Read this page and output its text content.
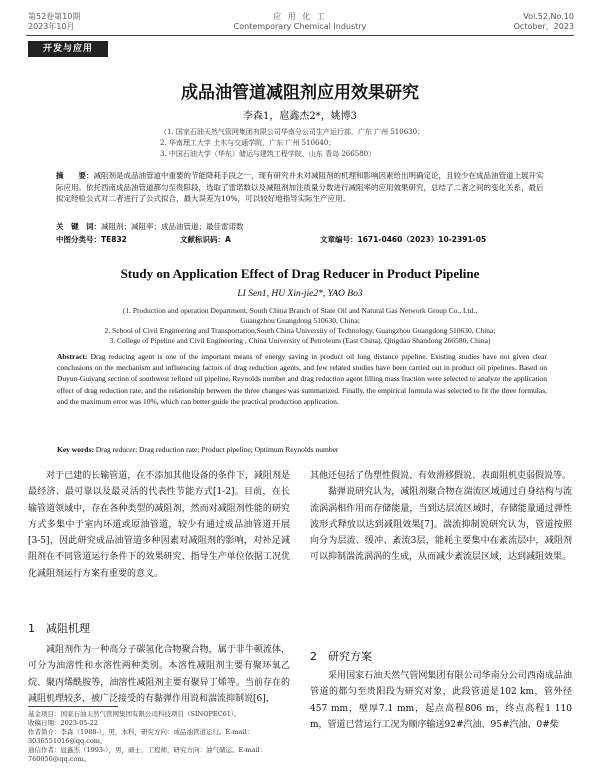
第52卷第10期
2023年10月
应 用 化 工
Contemporary Chemical Industry
Vol.52,No.10
October，2023
开发与应用
成品油管道减阻剂应用效果研究
李森1，扈鑫杰2*，姚博3
（1. 国家石油天然气管网集团有限公司华南分公司生产运行部，广东 广州 510630；
2. 华南理工大学 土木与交通学院，广东 广州 510640；
3. 中国石油大学（华东）储运与建筑工程学院，山东 青岛 266580）
摘　　要：减阻剂是成品油管道中重要的节能降耗手段之一，现有研究并未对减阻剂的机理和影响因素给出明确定论，且较少在成品油管道上展开实际应用。依托西南成品油管道都匀至贵阳段，选取了雷诺数以及减阻剂加注质量分数进行减阻率的应用效果研究，总结了二者之间的变化关系，最后拟定经验公式对二者进行了公式拟合，最大误差为10%，可以较好地指导实际生产应用。
关　键　词：减阻剂；减阻率；成品油管道；最佳雷诺数
中图分类号：TE832	文献标识码：A	文章编号：1671-0460（2023）10-2391-05
Study on Application Effect of Drag Reducer in Product Pipeline
LI Sen1, HU Xin-jie2*, YAO Bo3
(1. Production and operation Department, South China Branch of State Oil and Natural Gas Network Group Co., Ltd.,
Guangzhou Guangdong 510630, China;
2. School of Civil Engineering and Transportation,South China University of Technology, Guangzhou Guangdong 510630, China;
3. College of Pipeline and Civil Engineering , China University of Petroleum (East China), Qingdao Shandong 266580, China)
Abstract: Drag reducing agent is one of the important means of energy saving in product oil long distance pipeline. Existing studies have not given clear conclusions on the mechanism and influencing factors of drag reduction agents, and few related studies have been carried out in product oil pipelines. Based on Duyun-Guiyang section of southwest refined oil pipeline, Reynolds number and drag reduction agent filling mass fraction were selected to analyze the application effect of drag reduction rate, and the relationship between the three changes was summarized. Finally, the empirical formula was selected to fit the three formulas, and the maximum error was 10%, which can better guide the practical production application.
Key words: Drag reducer; Drag reduction rate; Product pipeline; Optimum Reynolds number

对于已建的长输管道，在不添加其他设备的条件下，减阻剂是最经济、最可靠以及最灵活的代表性节能方式[1-2]。目前，在长输管道领域中，存在各种类型的减阻剂，然而对减阻剂性能的研究方式多集中于室内环道或原油管道，较少有通过成品油管道开展[3-5]，因此研究成品油管道多种因素对减阻剂的影响，对补足减阻剂在不同管道运行条件下的效果研究、指导生产单位依据工况优化减阻剂运行方案有重要的意义。

1　减阻机理

减阻剂作为一种高分子碳氢化合物聚合物，属于非牛顿流体，可分为油溶性和水溶性两种类别。本溶性减阻剂主要有聚环氧乙烷、聚丙烯酰胺等，油溶性减阻剂主要有聚异丁烯等。当前存在的减阻机理较多，被广泛接受的有黏弹作用说和湍流抑制说[6]，

其他还包括了伪塑性假说、有效滑移假说、表面阻机吏弱假说等。

黏弹说研究认为，减阻剂聚合物在湍流区域通过自身结构与流流涡涡相作用而存储能量，当到达层流区域时，存储能量通过弹性波形式释放以达到减阻效果[7]。湍流抑制说研究认为，管道按照向分为层流、缓冲、紊流3层，能耗主要集中在紊流层中，减阻剂可以抑制湍流涡涡的生成，从而减少紊流层区域，达到减阻效果。

2　研究方案

采用国家石油天然气管网集团有限公司华南分公司西南成品油管道的都匀至贵阳段为研究对象，此段管道是102 km，管外径457 mm，壁厚7.1 mm，起点高程806 m，终点高程1 110 m，管道已营运行工况为顺序输送92#汽油、95#汽油、0#柴

基金项目：国家石油天然气管网集团有限公司科技项目（SINOPEC61）。
收稿日期：2023-05-22
作者简介：李森（1988-），男，本科，研究方向：成品油管道运行。E-mail：3036551016@qq.com。
通信作者：扈鑫杰（1993-），男，硕士，工程师，研究方向：油气储运。E-mail：760056@qq.com。
